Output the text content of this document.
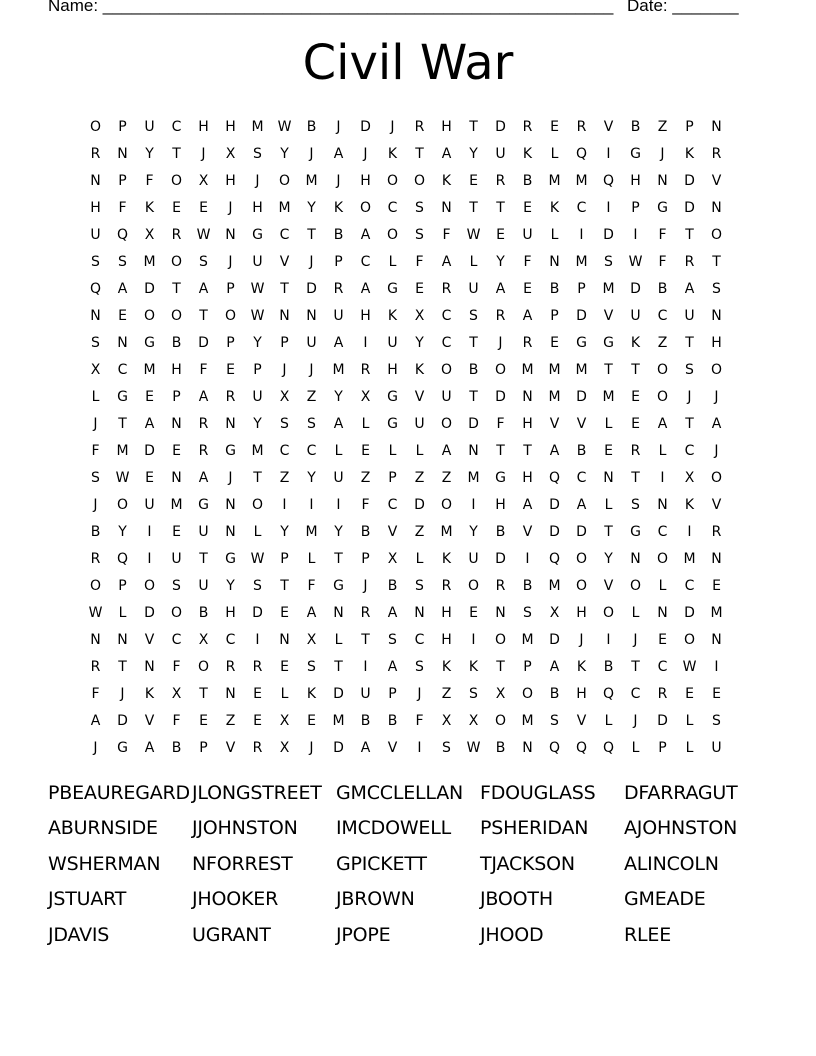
Name: ______________________________________________________ Date: _______
Civil War
O	P	U	C	H	H	M	W	B	J	D	J	R	H	T	D	R	E	R	V	B	Z	P	N
R	N	Y	T	J	X	S	Y	J	A	J	K	T	A	Y	U	K	L	Q	I	G	J	K	R
N	P	F	O	X	H	J	O	M	J	H	O	O	K	E	R	B	M	M	Q	H	N	D	V
H	F	K	E	E	J	H	M	Y	K	O	C	S	N	T	T	E	K	C	I	P	G	D	N
U	Q	X	R	W	N	G	C	T	B	A	O	S	F	W	E	U	L	I	D	I	F	T	O
S	S	M	O	S	J	U	V	J	P	C	L	F	A	L	Y	F	N	M	S	W	F	R	T
Q	A	D	T	A	P	W	T	D	R	A	G	E	R	U	A	E	B	P	M	D	B	A	S
N	E	O	O	T	O	W	N	N	U	H	K	X	C	S	R	A	P	D	V	U	C	U	N
S	N	G	B	D	P	Y	P	U	A	I	U	Y	C	T	J	R	E	G	G	K	Z	T	H
X	C	M	H	F	E	P	J	J	M	R	H	K	O	B	O	M	M	M	T	T	O	S	O
L	G	E	P	A	R	U	X	Z	Y	X	G	V	U	T	D	N	M	D	M	E	O	J	J
J	T	A	N	R	N	Y	S	S	A	L	G	U	O	D	F	H	V	V	L	E	A	T	A
F	M	D	E	R	G	M	C	C	L	E	L	L	A	N	T	T	A	B	E	R	L	C	J
S	W	E	N	A	J	T	Z	Y	U	Z	P	Z	Z	M	G	H	Q	C	N	T	I	X	O
J	O	U	M	G	N	O	I	I	I	F	C	D	O	I	H	A	D	A	L	S	N	K	V
B	Y	I	E	U	N	L	Y	M	Y	B	V	Z	M	Y	B	V	D	D	T	G	C	I	R
R	Q	I	U	T	G	W	P	L	T	P	X	L	K	U	D	I	Q	O	Y	N	O	M	N
O	P	O	S	U	Y	S	T	F	G	J	B	S	R	O	R	B	M	O	V	O	L	C	E
W	L	D	O	B	H	D	E	A	N	R	A	N	H	E	N	S	X	H	O	L	N	D	M
N	N	V	C	X	C	I	N	X	L	T	S	C	H	I	O	M	D	J	I	J	E	O	N
R	T	N	F	O	R	R	E	S	T	I	A	S	K	K	T	P	A	K	B	T	C	W	I
F	J	K	X	T	N	E	L	K	D	U	P	J	Z	S	X	O	B	H	Q	C	R	E	E
A	D	V	F	E	Z	E	X	E	M	B	B	F	X	X	O	M	S	V	L	J	D	L	S
J	G	A	B	P	V	R	X	J	D	A	V	I	S	W	B	N	Q	Q	Q	L	P	L	U
PBEAUREGARD JLONGSTREET GMCCLELLAN FDOUGLASS	DFARRAGUT
ABURNSIDE	JJOHNSTON	IMCDOWELL	PSHERIDAN	AJOHNSTON
WSHERMAN	NFORREST	GPICKETT	TJACKSON	ALINCOLN
JSTUART	JHOOKER	JBROWN	JBOOTH	GMEADE
JDAVIS	UGRANT	JPOPE	JHOOD	RLEE
